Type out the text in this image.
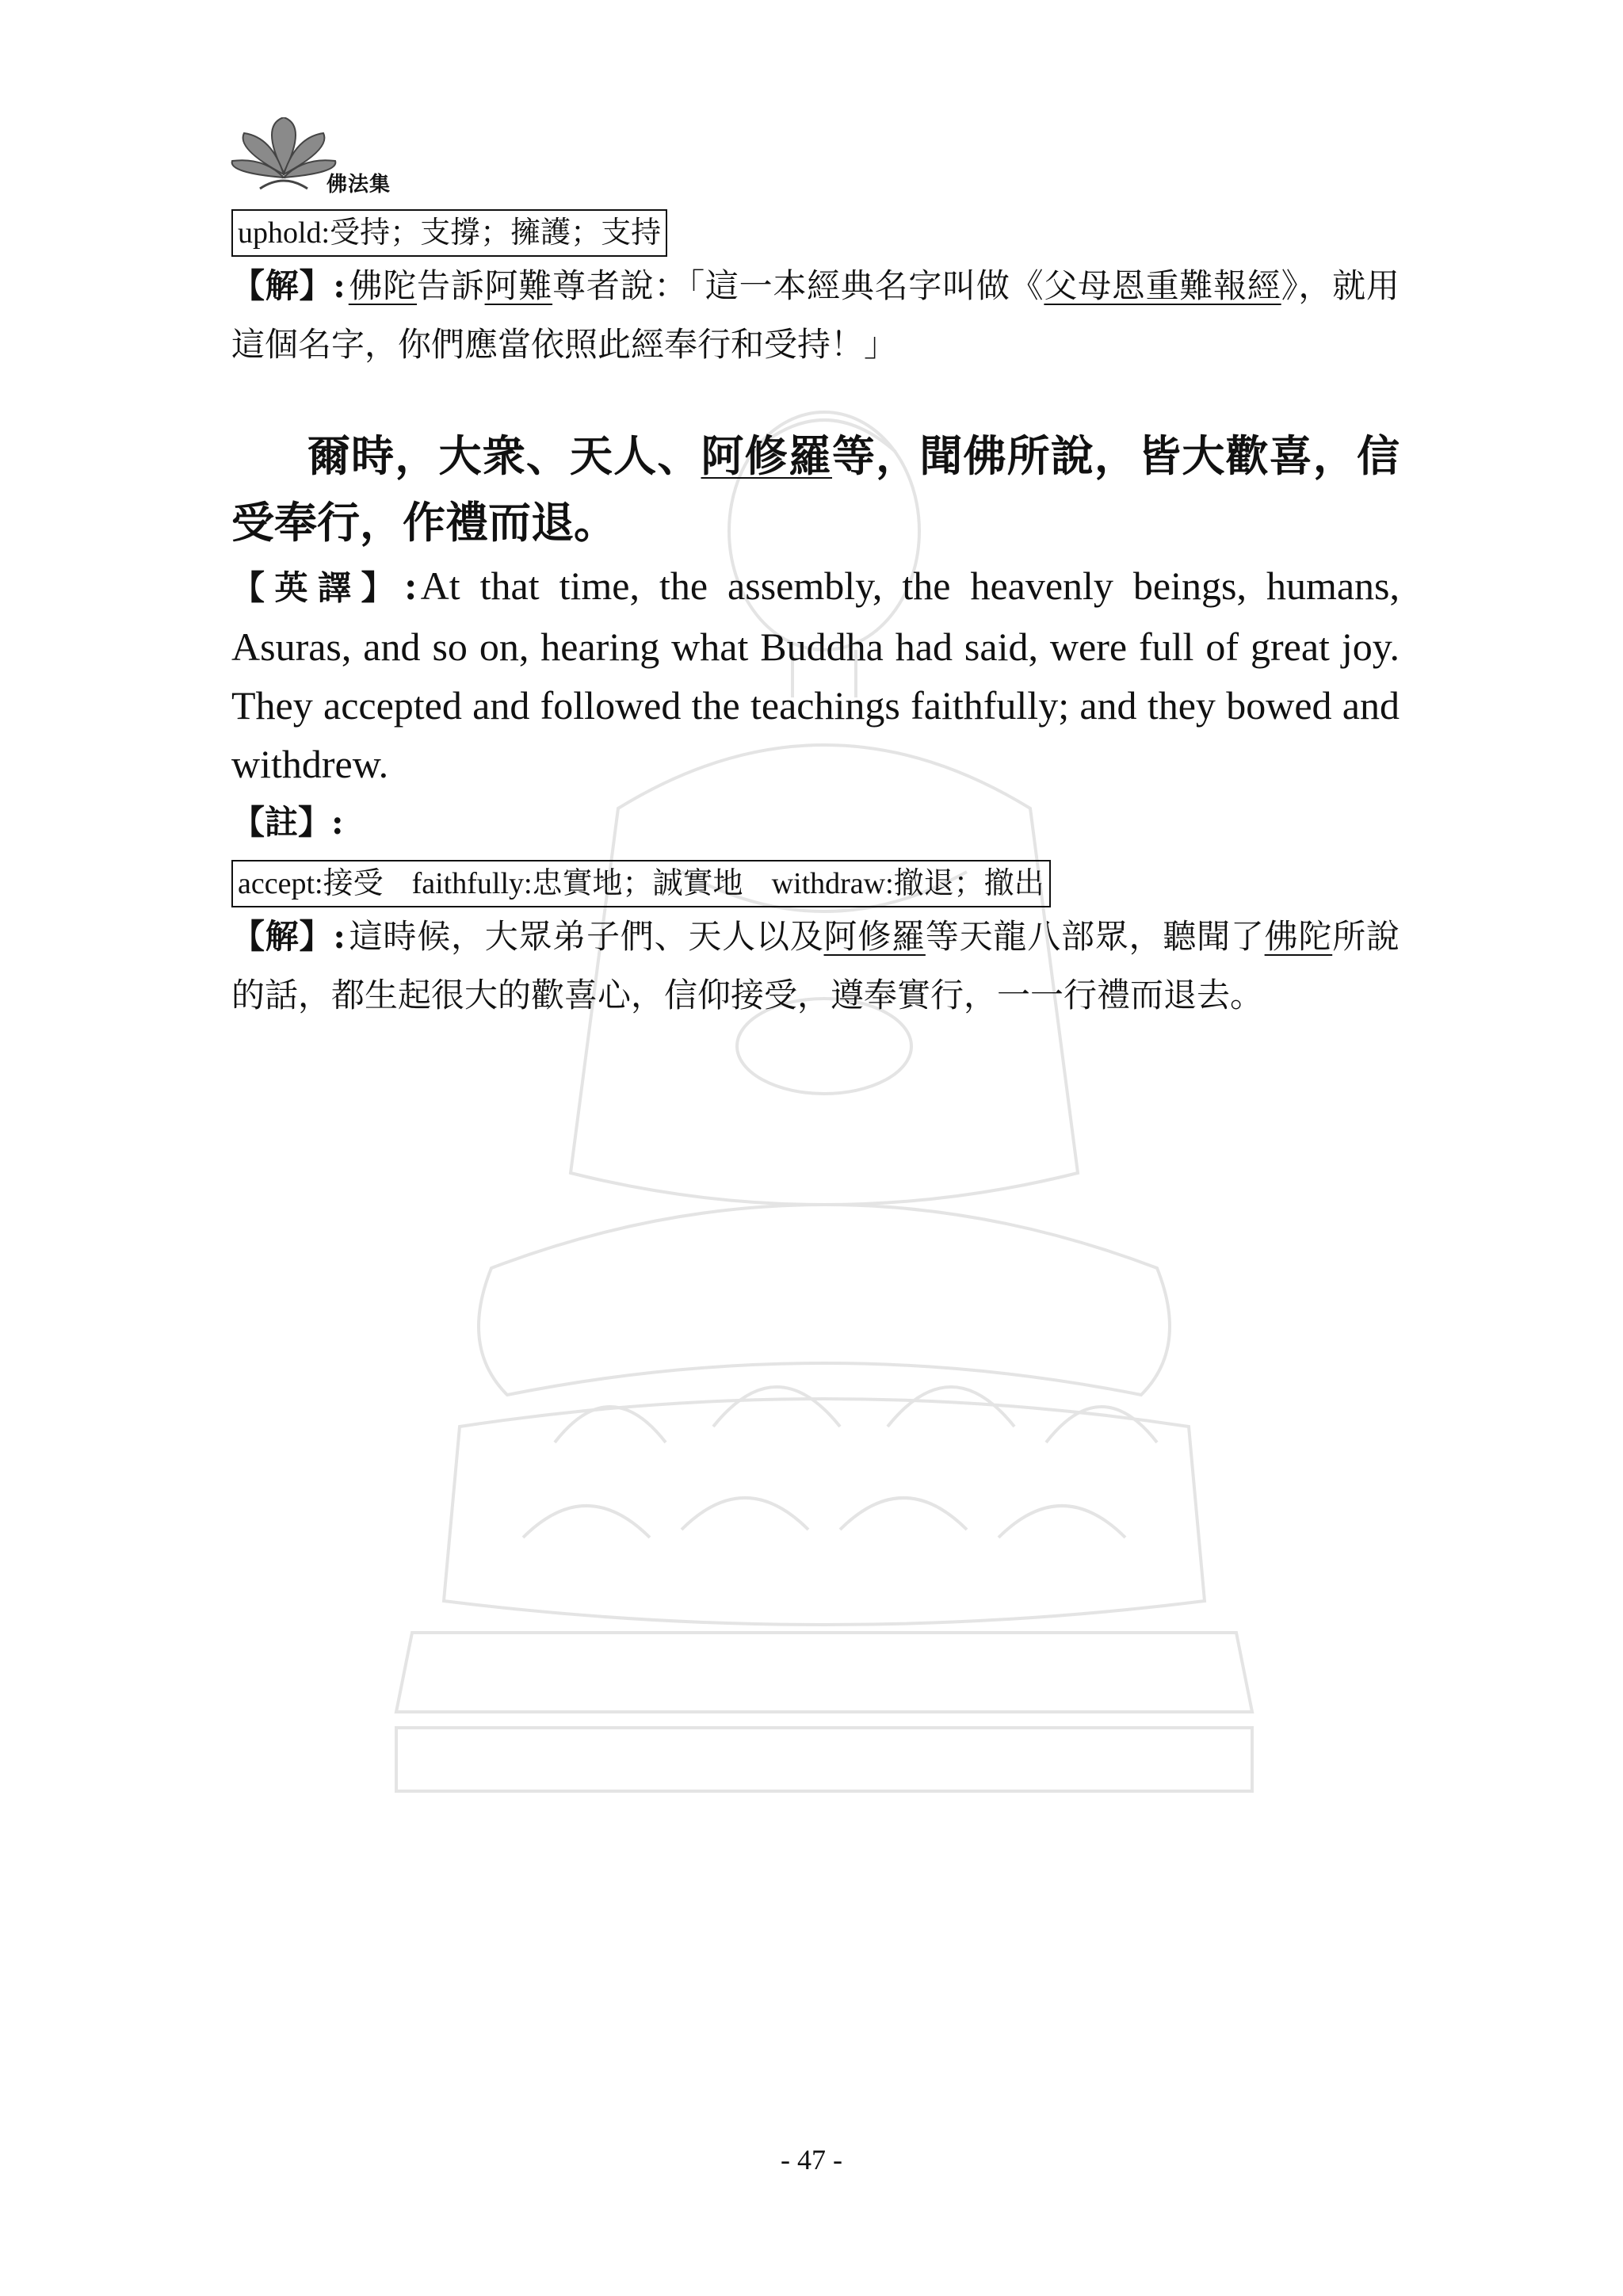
佛法集
uphold:受持；支撐；擁護；支持

【解】:佛陀告訴阿難尊者說：「這一本經典名字叫做《父母恩重難報經》，就用這個名字，你們應當依照此經奉行和受持！」

爾時，大衆、天人、阿修羅等，聞佛所說，皆大歡喜，信受奉行，作禮而退。

【英譯】:At that time, the assembly, the heavenly beings, humans, Asuras, and so on, hearing what Buddha had said, were full of great joy. They accepted and followed the teachings faithfully; and they bowed and withdrew.

【註】:

accept:接受 faithfully:忠實地；誠實地 withdraw:撤退；撤出

【解】:這時候，大眾弟子們、天人以及阿修羅等天龍八部眾，聽聞了佛陀所說的話，都生起很大的歡喜心，信仰接受，遵奉實行，一一行禮而退去。

- 47 -
